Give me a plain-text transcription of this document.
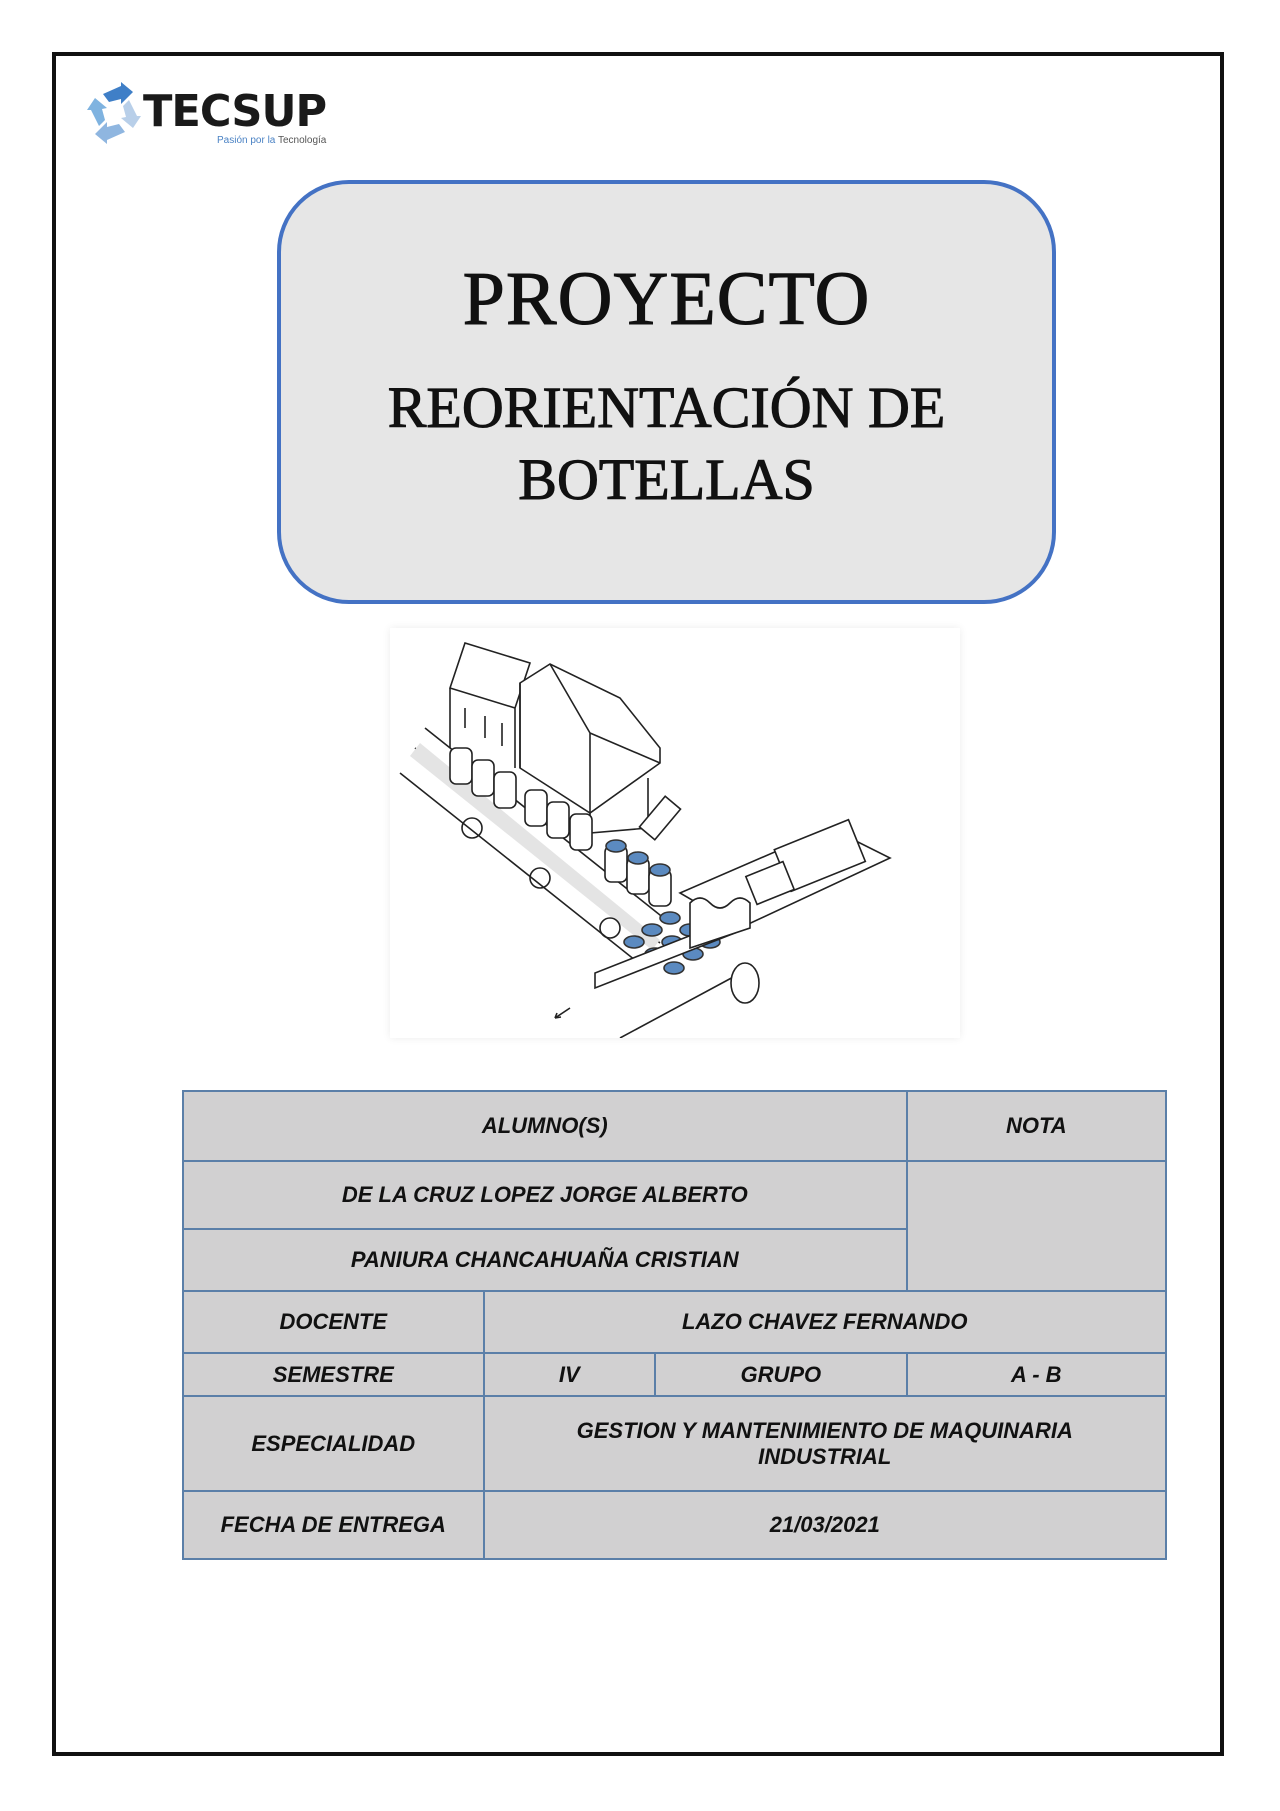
TECSUP
Pasión por la Tecnología
PROYECTO
REORIENTACIÓN DE
BOTELLAS
ALUMNO(S)			NOTA
DE LA CRUZ LOPEZ JORGE ALBERTO			
PANIURA CHANCAHUAÑA CRISTIAN			
DOCENTE	LAZO CHAVEZ FERNANDO		
SEMESTRE	IV	GRUPO	A - B
ESPECIALIDAD	GESTION Y MANTENIMIENTO DE MAQUINARIA INDUSTRIAL		
FECHA DE ENTREGA	21/03/2021		
